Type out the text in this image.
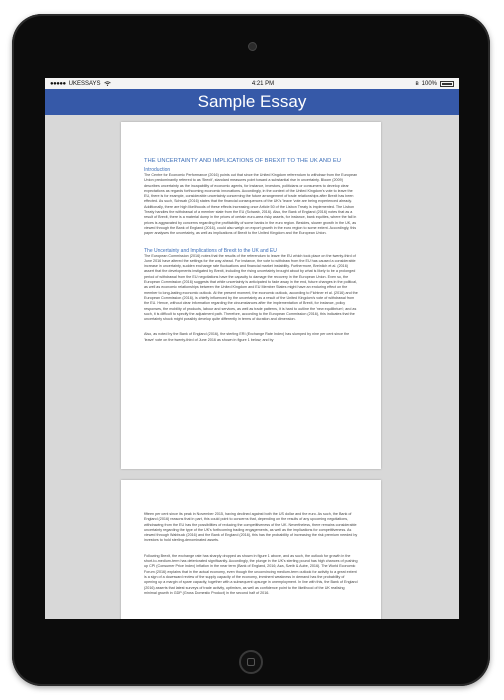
●●●●● UKESSAYS	4:21 PM	ʙ 100%
Sample Essay

THE UNCERTAINTY AND IMPLICATIONS OF BREXIT TO THE UK AND EU

Introduction

The Centre for Economic Performance (2016) points out that since the United Kingdom referendum to withdraw from the European Union predominantly referred to as 'Brexit', standard measures point toward a substantial rise in uncertainty. Bloom (2009) describes uncertainty as the incapability of economic agents, for instance, investors, politicians or consumers to develop clear expectations as regards forthcoming economic innovations. Accordingly, in the context of the United Kingdom's vote to leave the EU, there is for example, considerable uncertainty concerning the future arrangement of trade relationships after Brexit has been effected. As such, Schwab (2016) states that the financial consequences of the UK's 'leave 'vote are being experienced already. Additionally, there are high likelihoods of these effects increasing once Article 50 of the Lisbon Treaty is implemented. The Lisbon Treaty handles the withdrawal of a member state from the EU (Schwab, 2016). Also, the Bank of England (2016) notes that as a result of Brexit, there is a material dump in the prices of certain euro-area risky assets, for instance, bank equities, where the fall in prices is aggravated by concerns regarding the profitability of some banks in the euro region. Besides, slower growth in the UK, as viewed through the Bank of England (2016), could also weigh on export growth in the euro region to some extent. Accordingly, this paper analyses the uncertainty, as well as implications of Brexit to the United Kingdom and the European Union.

The Uncertainty and Implications of Brexit to the UK and EU

The European Commission (2016) notes that the results of the referendum to leave the EU which took place on the twenty-third of June 2016 have altered the settings for the way ahead. For instance, the vote to withdraw from the EU has caused a considerable increase in uncertainty, sudden exchange rate fluctuations and financial market instability. Furthermore, Breinlich et al. (2016) assert that the developments instigated by Brexit, including the rising uncertainty brought about by what is likely to be a prolonged period of withdrawal from the EU negotiations have the capacity to damage the recovery in the European Union. Even so, the European Commission (2016) suggests that while uncertainty is anticipated to fade away in the end, future changes in the political, as well as economic relationships between the United Kingdom and EU Member States might have an enduring effect on the member to long-lasting economic outlook. At the present moment, the economic outlook, according to Fichtner et al. (2016) and the European Commission (2016), is chiefly influenced by the uncertainty as a result of the United Kingdom's vote of withdrawal from the EU. Hence, without clear information regarding the circumstances after the implementation of Brexit, for instance, policy responses, the mobility of products, labour and services, as well as trade patterns, it is hard to outline the 'new equilibrium'; and as such, it is difficult to specify the adjustment path. Therefore, according to the European Commission (2016), this indicates that the uncertainty shock might possibly develop quite differently in terms of duration and dimension.

Also, as noted by the Bank of England (2016), the sterling ERI (Exchange Rate Index) has slumped by nine per cent since the 'leave' vote on the twenty-third of June 2016 as shown in figure 1 below; and by

fifteen per cent since its peak in November 2015, having declined against both the US dollar and the euro. As such, the Bank of England (2016) reasons that in part, this could point to concerns that, depending on the results of any upcoming negotiations, withdrawing from the EU has the possibilities of reducing the competitiveness of the UK. Nevertheless, there remains considerable uncertainty regarding the type of the UK's forthcoming trading engagements, as well as the implications for competitiveness. As viewed through Wabbuck (2016) and the Bank of England (2016), this has the probability of increasing the risk premium needed by investors to hold sterling-denominated assets.

Following Brexit, the exchange rate has sharply dropped as shown in figure 1 above, and as such, the outlook for growth in the short-to-medium-term has deteriorated significantly. Accordingly, the plunge in the UK's sterling pound has high chances of pushing up CPI (Consumer Price Index) inflation in the near term (Bank of England, 2016; Aza, Szeib & Aube, 2016). The World Economic Forum (2016) explains that in the actual economy, even though the unconvincing medium-term outlook for activity to a great extent is a sign of a downward review of the supply capacity of the economy, imminent weakness in demand has the probability of opening up a margin of spare capacity, together with a subsequent upsurge in unemployment. In line with this, the Bank of England (2016) asserts that latest surveys of trade activity, optimism, as well as confidence point to the likelihood of the UK realising minimal growth in GDP (Gross Domestic Product) in the second half of 2016.
